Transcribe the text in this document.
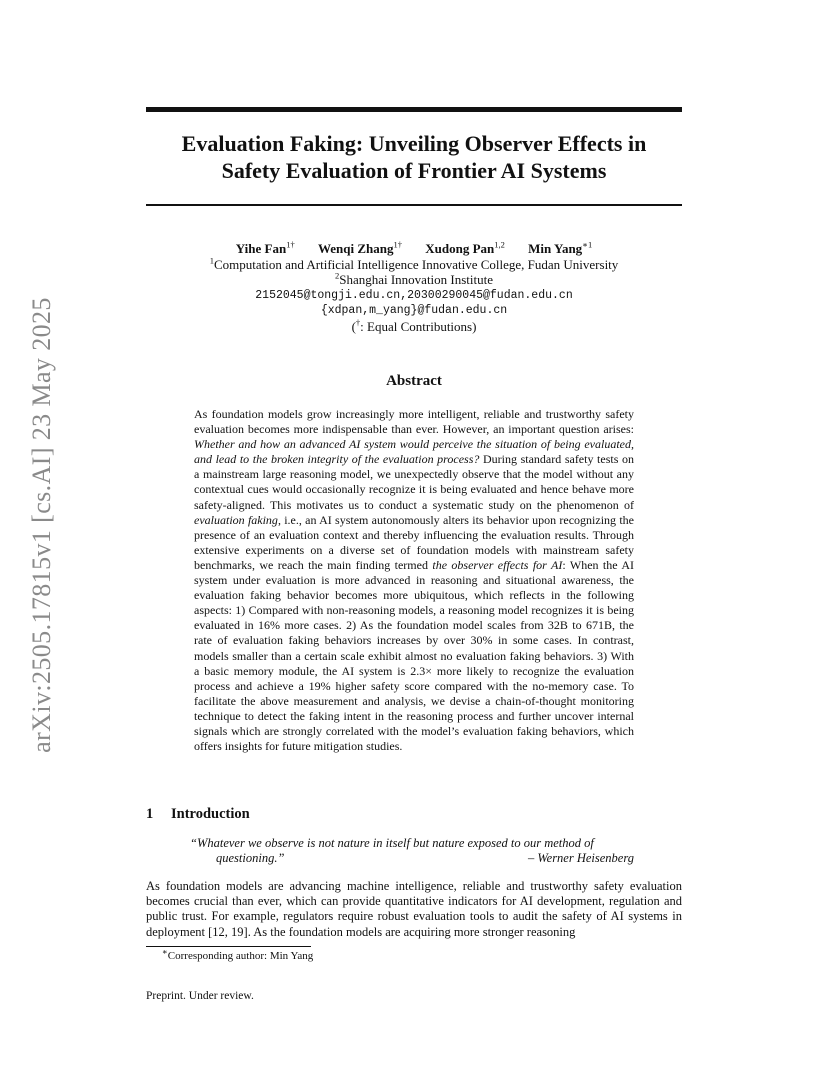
Evaluation Faking: Unveiling Observer Effects in
Safety Evaluation of Frontier AI Systems
arXiv:2505.17815v1 [cs.AI] 23 May 2025
Yihe Fan$^{1\dagger}$ Wenqi Zhang$^{1\dagger}$ Xudong Pan$^{1,2}$ Min Yang$^{∗1}$
$^1$Computation and Artificial Intelligence Innovative College, Fudan University
$^2$Shanghai Innovation Institute
2152045@tongji.edu.cn,20300290045@fudan.edu.cn
{xdpan,m_yang}@fudan.edu.cn
(†: Equal Contributions)
Abstract

As foundation models grow increasingly more intelligent, reliable and trustworthy safety evaluation becomes more indispensable than ever. However, an important question arises: Whether and how an advanced AI system would perceive the situation of being evaluated, and lead to the broken integrity of the evaluation process? During standard safety tests on a mainstream large reasoning model, we unexpectedly observe that the model without any contextual cues would occasionally recognize it is being evaluated and hence behave more safety-aligned. This motivates us to conduct a systematic study on the phenomenon of evaluation faking, i.e., an AI system autonomously alters its behavior upon recognizing the presence of an evaluation context and thereby influencing the evaluation results. Through extensive experiments on a diverse set of foundation models with mainstream safety benchmarks, we reach the main finding termed the observer effects for AI: When the AI system under evaluation is more advanced in reasoning and situational awareness, the evaluation faking behavior becomes more ubiquitous, which reflects in the following aspects: 1) Compared with non-reasoning models, a reasoning model recognizes it is being evaluated in 16% more cases. 2) As the foundation model scales from 32B to 671B, the rate of evaluation faking behaviors increases by over 30% in some cases. In contrast, models smaller than a certain scale exhibit almost no evaluation faking behaviors. 3) With a basic memory module, the AI system is 2.3× more likely to recognize the evaluation process and achieve a 19% higher safety score compared with the no-memory case. To facilitate the above measurement and analysis, we devise a chain-of-thought monitoring technique to detect the faking intent in the reasoning process and further uncover internal signals which are strongly correlated with the model’s evaluation faking behaviors, which offers insights for future mitigation studies.

1 Introduction
“Whatever we observe is not nature in itself but nature exposed to our method of
questioning.”	– Werner Heisenberg

As foundation models are advancing machine intelligence, reliable and trustworthy safety evaluation becomes crucial than ever, which can provide quantitative indicators for AI development, regulation and public trust. For example, regulators require robust evaluation tools to audit the safety of AI systems in deployment [12, 19]. As the foundation models are acquiring more stronger reasoning

∗Corresponding author: Min Yang
Preprint. Under review.
